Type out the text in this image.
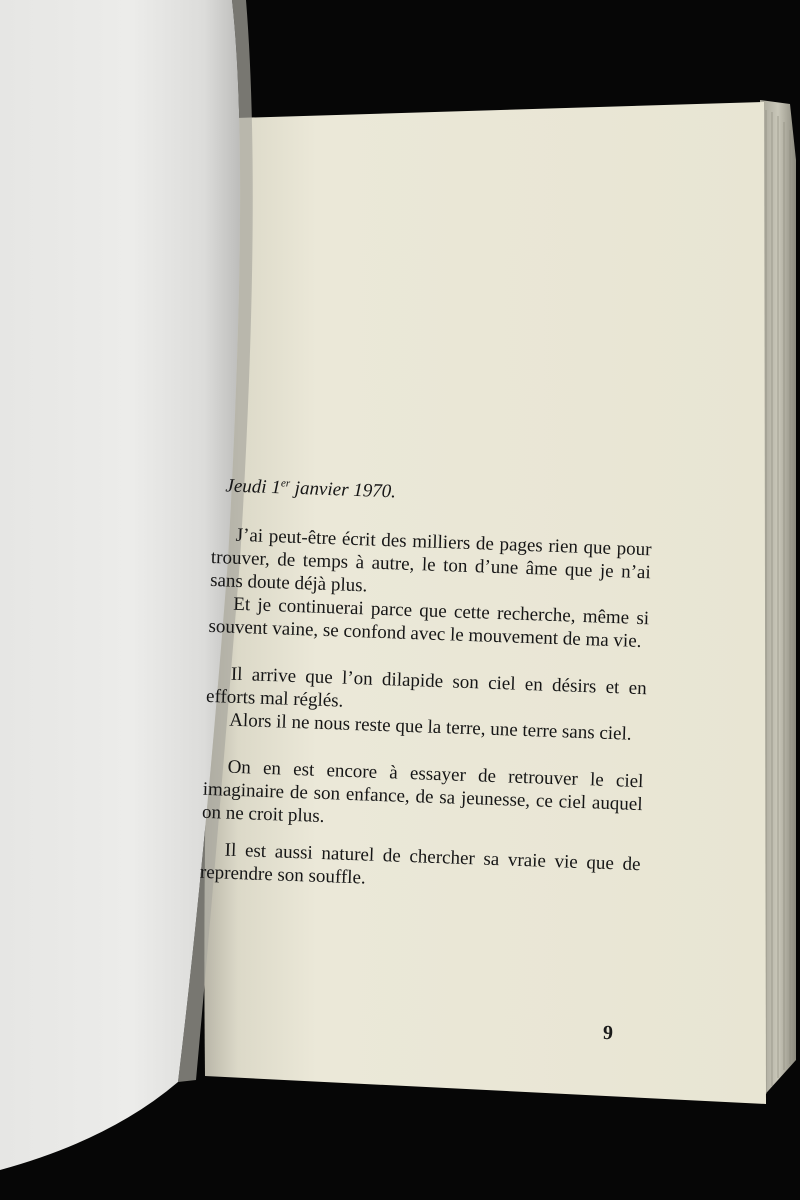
Jeudi 1er janvier 1970.

J’ai peut-être écrit des milliers de pages rien que pour trouver, de temps à autre, le ton d’une âme que je n’ai sans doute déjà plus.

Et je continuerai parce que cette recherche, même si souvent vaine, se confond avec le mouvement de ma vie.

Il arrive que l’on dilapide son ciel en désirs et en efforts mal réglés.

Alors il ne nous reste que la terre, une terre sans ciel.

On en est encore à essayer de retrouver le ciel imaginaire de son enfance, de sa jeunesse, ce ciel auquel on ne croit plus.

Il est aussi naturel de chercher sa vraie vie que de reprendre son souffle.

9
